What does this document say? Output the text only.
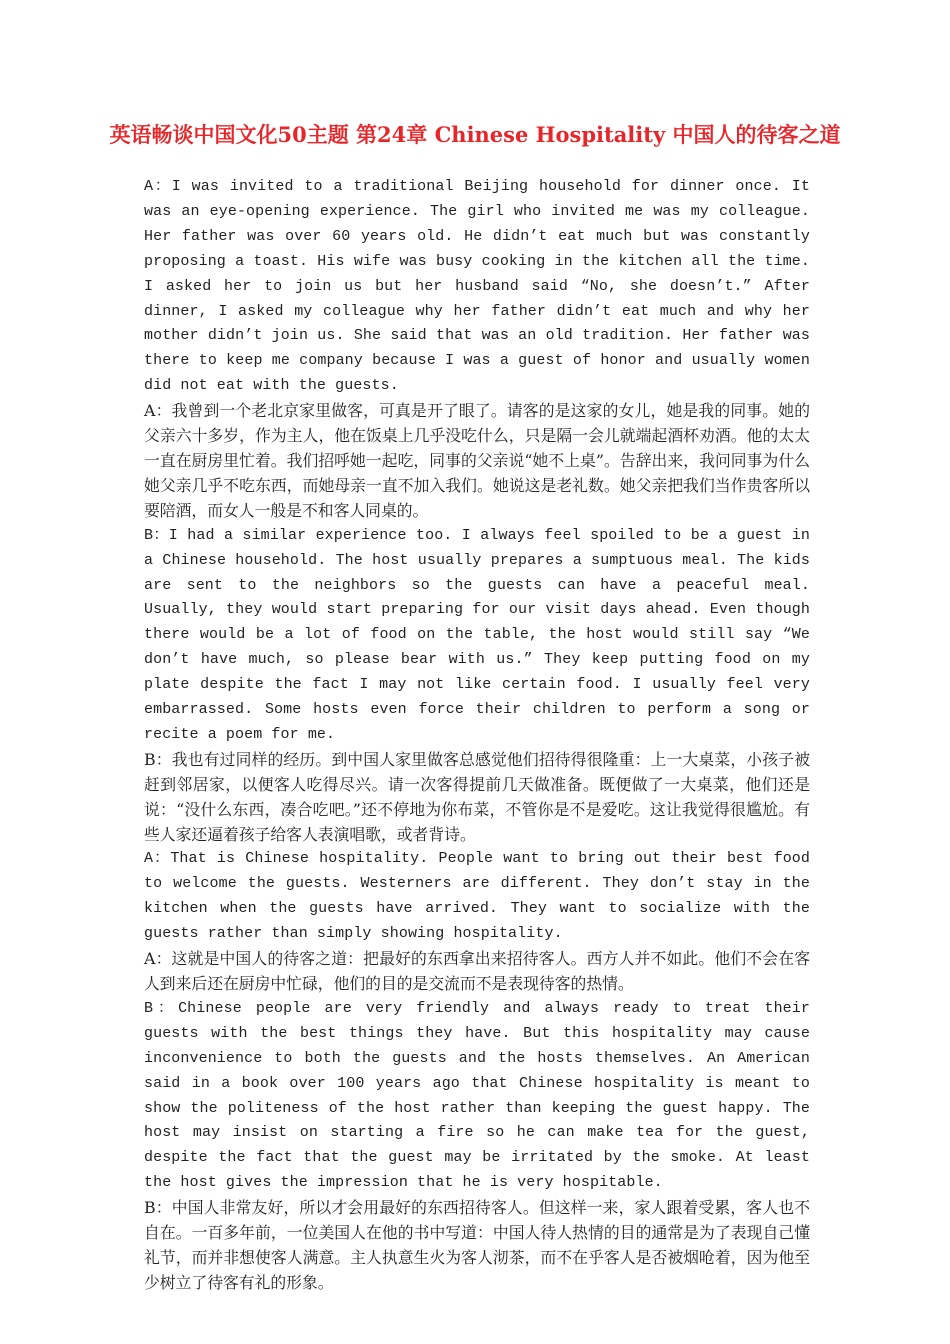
英语畅谈中国文化50主题 第24章 Chinese Hospitality 中国人的待客之道

A：I was invited to a traditional Beijing household for dinner once. It was an eye-opening experience. The girl who invited me was my colleague. Her father was over 60 years old. He didn’t eat much but was constantly proposing a toast. His wife was busy cooking in the kitchen all the time. I asked her to join us but her husband said “No, she doesn’t.” After dinner, I asked my colleague why her father didn’t eat much and why her mother didn’t join us. She said that was an old tradition. Her father was there to keep me company because I was a guest of honor and usually women did not eat with the guests.

A：我曾到一个老北京家里做客，可真是开了眼了。请客的是这家的女儿，她是我的同事。她的父亲六十多岁，作为主人，他在饭桌上几乎没吃什么，只是隔一会儿就端起酒杯劝酒。他的太太一直在厨房里忙着。我们招呼她一起吃，同事的父亲说“她不上桌”。告辞出来，我问同事为什么她父亲几乎不吃东西，而她母亲一直不加入我们。她说这是老礼数。她父亲把我们当作贵客所以要陪酒，而女人一般是不和客人同桌的。

B：I had a similar experience too. I always feel spoiled to be a guest in a Chinese household. The host usually prepares a sumptuous meal. The kids are sent to the neighbors so the guests can have a peaceful meal. Usually, they would start preparing for our visit days ahead. Even though there would be a lot of food on the table, the host would still say “We don’t have much, so please bear with us.” They keep putting food on my plate despite the fact I may not like certain food. I usually feel very embarrassed. Some hosts even force their children to perform a song or recite a poem for me.

B：我也有过同样的经历。到中国人家里做客总感觉他们招待得很隆重：上一大桌菜，小孩子被赶到邻居家，以便客人吃得尽兴。请一次客得提前几天做准备。既便做了一大桌菜，他们还是说：“没什么东西，凑合吃吧。”还不停地为你布菜，不管你是不是爱吃。这让我觉得很尴尬。有些人家还逼着孩子给客人表演唱歌，或者背诗。

A：That is Chinese hospitality. People want to bring out their best food to welcome the guests. Westerners are different. They don’t stay in the kitchen when the guests have arrived. They want to socialize with the guests rather than simply showing hospitality.

A：这就是中国人的待客之道：把最好的东西拿出来招待客人。西方人并不如此。他们不会在客人到来后还在厨房中忙碌，他们的目的是交流而不是表现待客的热情。

B：Chinese people are very friendly and always ready to treat their guests with the best things they have. But this hospitality may cause inconvenience to both the guests and the hosts themselves. An American said in a book over 100 years ago that Chinese hospitality is meant to show the politeness of the host rather than keeping the guest happy. The host may insist on starting a fire so he can make tea for the guest, despite the fact that the guest may be irritated by the smoke. At least the host gives the impression that he is very hospitable.

B：中国人非常友好，所以才会用最好的东西招待客人。但这样一来，家人跟着受累，客人也不自在。一百多年前，一位美国人在他的书中写道：中国人待人热情的目的通常是为了表现自己懂礼节，而并非想使客人满意。主人执意生火为客人沏茶，而不在乎客人是否被烟呛着，因为他至少树立了待客有礼的形象。
